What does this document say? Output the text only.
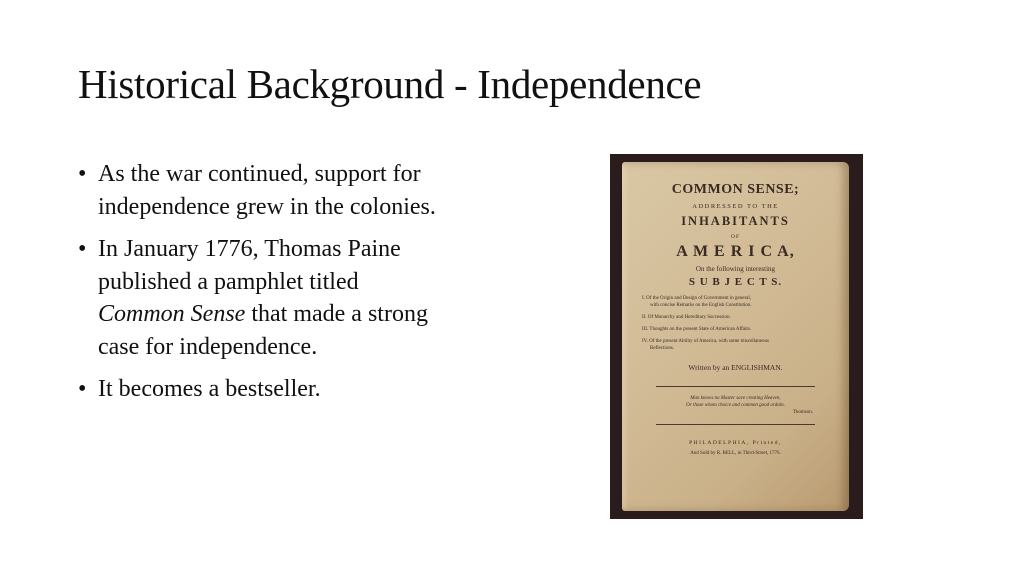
Historical Background - Independence
• As the war continued, support for independence grew in the colonies.
• In January 1776, Thomas Paine published a pamphlet titled Common Sense that made a strong case for independence.
• It becomes a bestseller.
COMMON SENSE;
ADDRESSED TO THE
INHABITANTS
OF
A M E R I C A,
On the following interesting
S U B J E C T S.
I. Of the Origin and Design of Government in general,
with concise Remarks on the English Constitution.
II. Of Monarchy and Hereditary Succession.
III. Thoughts on the present State of American Affairs.
IV. Of the present Ability of America, with some miscellaneous
Reflections.
Written by an ENGLISHMAN.
Man knows no Master save creating Heaven,
Or those whom choice and common good ordain.
Thomson.
PHILADELPHIA, Printed,
And Sold by R. BELL, in Third-Street, 1776.
